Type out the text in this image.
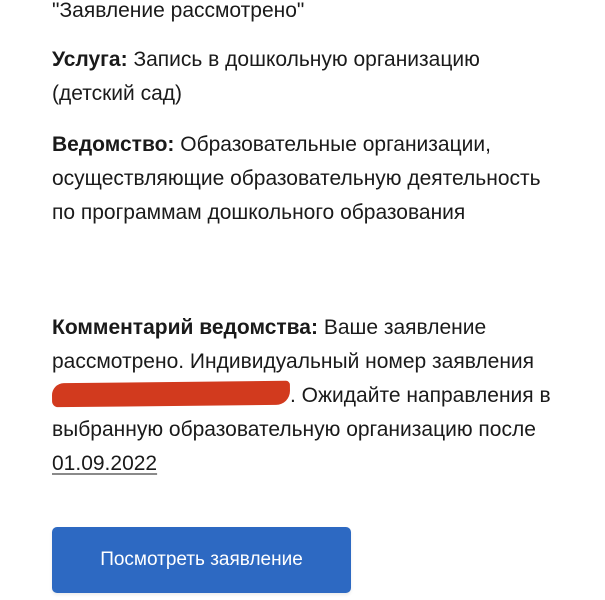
"Заявление рассмотрено"
Услуга: Запись в дошкольную организацию (детский сад)
Ведомство: Образовательные организации, осуществляющие образовательную деятельность по программам дошкольного образования
Комментарий ведомства: Ваше заявление рассмотрено. Индивидуальный номер заявления . Ожидайте направления в выбранную образовательную организацию после 01.09.2022
Посмотреть заявление
